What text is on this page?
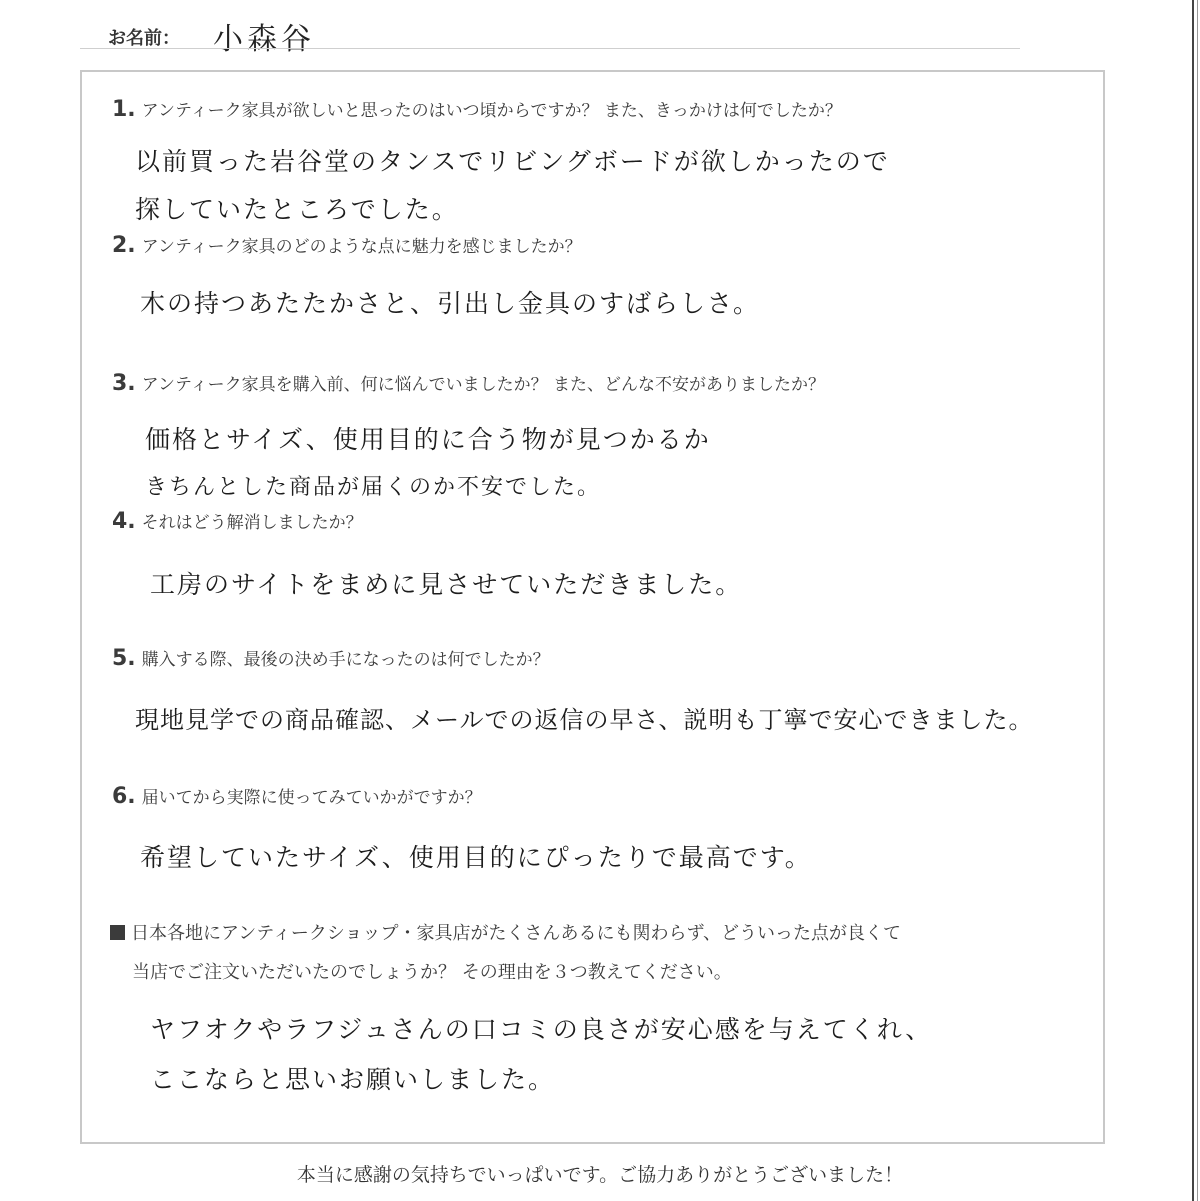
お名前： 小森谷
1. アンティーク家具が欲しいと思ったのはいつ頃からですか？ また、きっかけは何でしたか？
以前買った岩谷堂のタンスでリビングボードが欲しかったので
探していたところでした。
2. アンティーク家具のどのような点に魅力を感じましたか？
木の持つあたたかさと、引出し金具のすばらしさ。
3. アンティーク家具を購入前、何に悩んでいましたか？ また、どんな不安がありましたか？
価格とサイズ、使用目的に合う物が見つかるか
きちんとした商品が届くのか不安でした。
4. それはどう解消しましたか？
工房のサイトをまめに見させていただきました。
5. 購入する際、最後の決め手になったのは何でしたか？
現地見学での商品確認、メールでの返信の早さ、説明も丁寧で安心できました。
6. 届いてから実際に使ってみていかがですか？
希望していたサイズ、使用目的にぴったりで最高です。
日本各地にアンティークショップ・家具店がたくさんあるにも関わらず、どういった点が良くて
当店でご注文いただいたのでしょうか？ その理由を３つ教えてください。
ヤフオクやラフジュさんの口コミの良さが安心感を与えてくれ、
ここならと思いお願いしました。
本当に感謝の気持ちでいっぱいです。ご協力ありがとうございました！
